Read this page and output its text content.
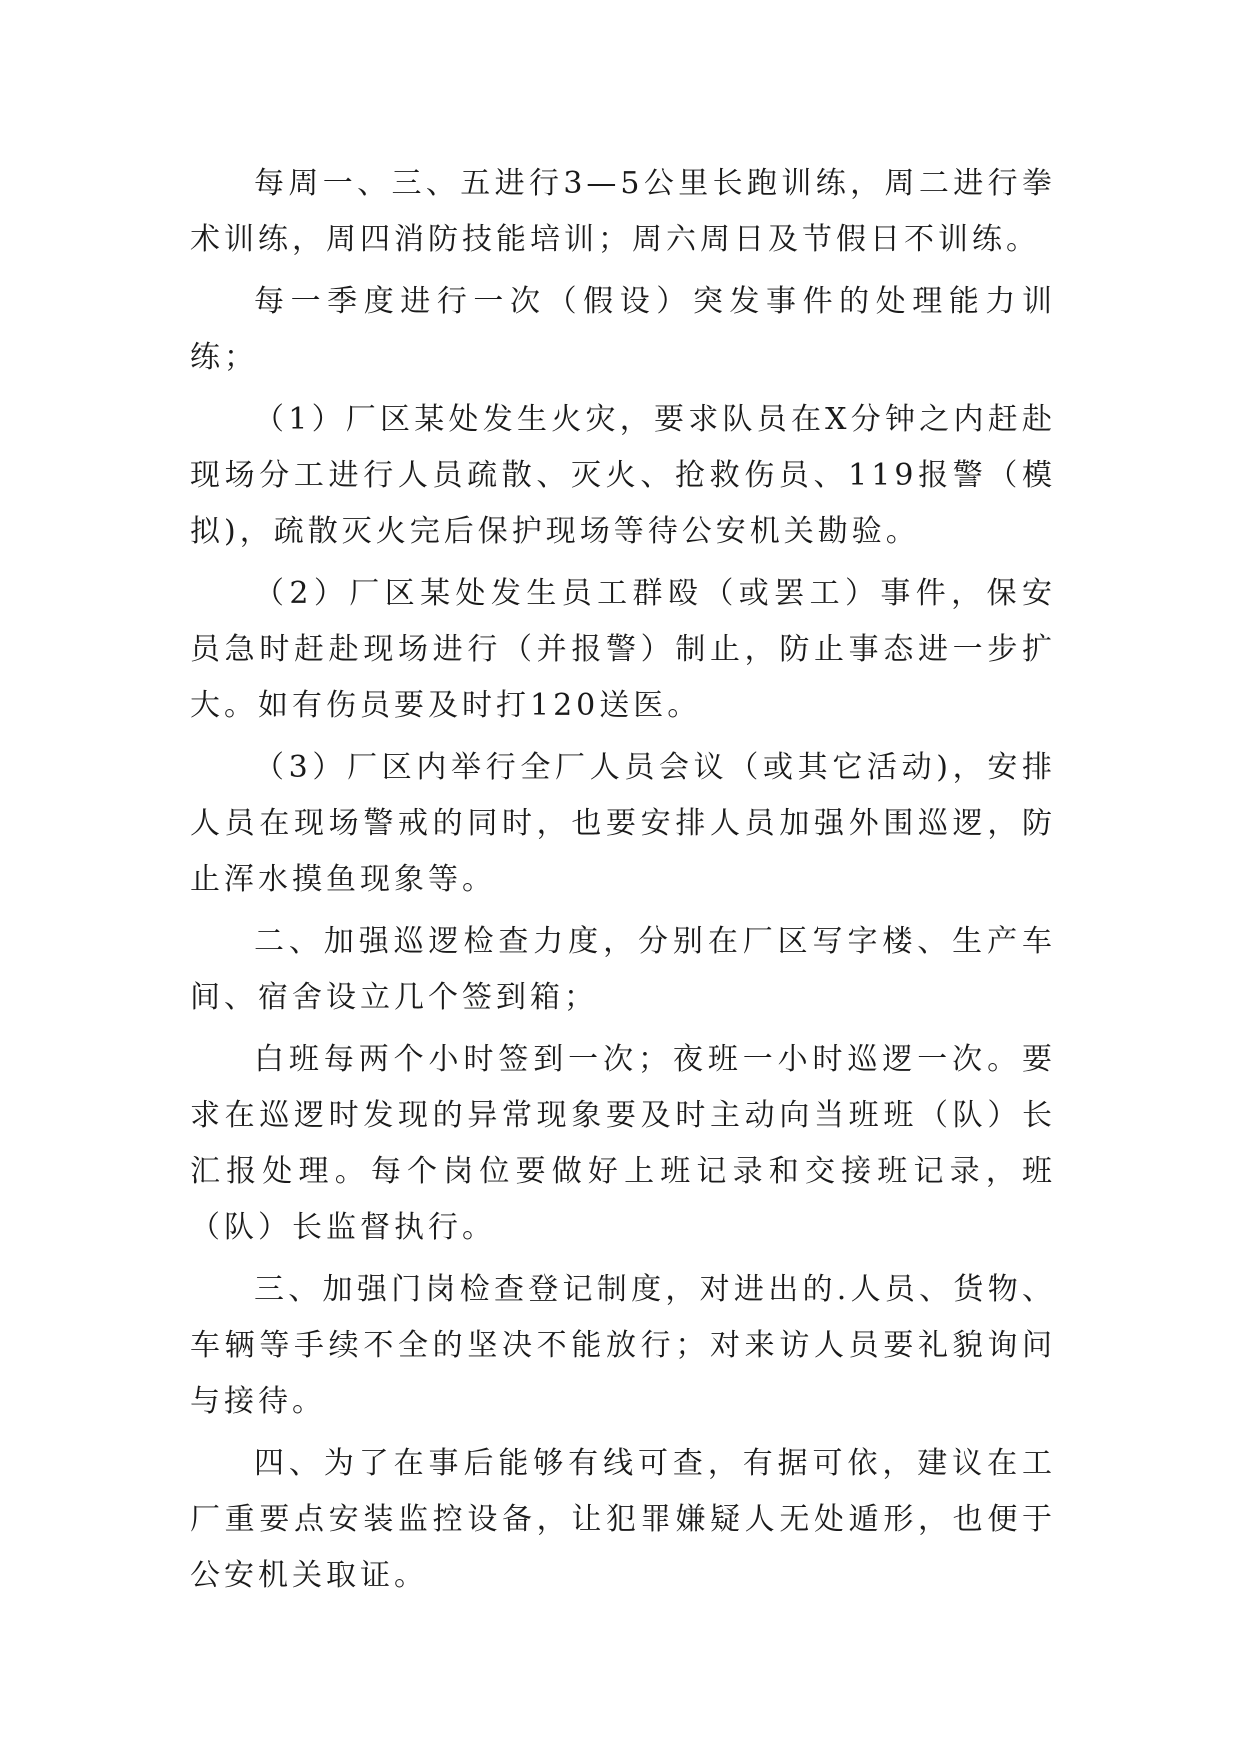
每周一、三、五进行3—5公里长跑训练，周二进行拳术训练，周四消防技能培训；周六周日及节假日不训练。

每一季度进行一次（假设）突发事件的处理能力训练；

（1）厂区某处发生火灾，要求队员在X分钟之内赶赴现场分工进行人员疏散、灭火、抢救伤员、119报警（模拟)，疏散灭火完后保护现场等待公安机关勘验。

（2）厂区某处发生员工群殴（或罢工）事件，保安员急时赶赴现场进行（并报警）制止，防止事态进一步扩大。如有伤员要及时打120送医。

（3）厂区内举行全厂人员会议（或其它活动)，安排人员在现场警戒的同时，也要安排人员加强外围巡逻，防止浑水摸鱼现象等。

二、加强巡逻检查力度，分别在厂区写字楼、生产车间、宿舍设立几个签到箱；

白班每两个小时签到一次；夜班一小时巡逻一次。要求在巡逻时发现的异常现象要及时主动向当班班（队）长汇报处理。每个岗位要做好上班记录和交接班记录，班（队）长监督执行。

三、加强门岗检查登记制度，对进出的.人员、货物、车辆等手续不全的坚决不能放行；对来访人员要礼貌询问与接待。

四、为了在事后能够有线可查，有据可依，建议在工厂重要点安装监控设备，让犯罪嫌疑人无处遁形，也便于公安机关取证。
